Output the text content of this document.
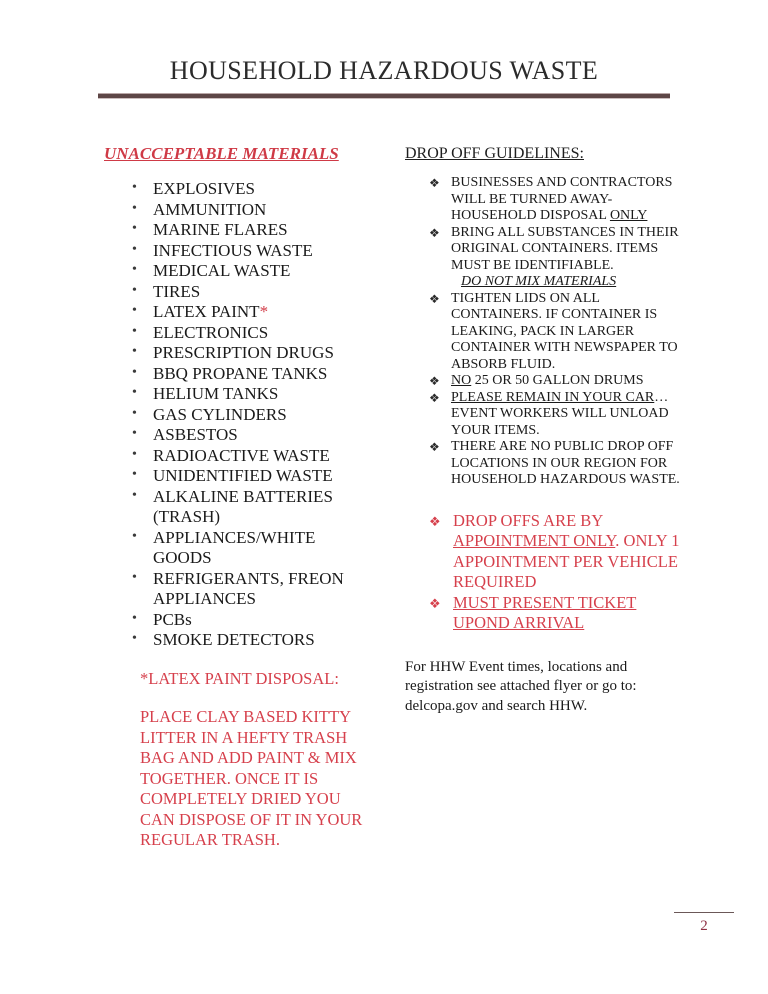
HOUSEHOLD HAZARDOUS WASTE
UNACCEPTABLE MATERIALS
• EXPLOSIVES
• AMMUNITION
• MARINE FLARES
• INFECTIOUS WASTE
• MEDICAL WASTE
• TIRES
• LATEX PAINT*
• ELECTRONICS
• PRESCRIPTION DRUGS
• BBQ PROPANE TANKS
• HELIUM TANKS
• GAS CYLINDERS
• ASBESTOS
• RADIOACTIVE WASTE
• UNIDENTIFIED WASTE
• ALKALINE BATTERIES (TRASH)
• APPLIANCES/WHITE GOODS
• REFRIGERANTS, FREON APPLIANCES
• PCBs
• SMOKE DETECTORS
*LATEX PAINT DISPOSAL:
PLACE CLAY BASED KITTY LITTER IN A HEFTY TRASH BAG AND ADD PAINT & MIX TOGETHER. ONCE IT IS COMPLETELY DRIED YOU CAN DISPOSE OF IT IN YOUR REGULAR TRASH.
DROP OFF GUIDELINES:
❖ BUSINESSES AND CONTRACTORS WILL BE TURNED AWAY-HOUSEHOLD DISPOSAL ONLY
❖ BRING ALL SUBSTANCES IN THEIR ORIGINAL CONTAINERS. ITEMS MUST BE IDENTIFIABLE. DO NOT MIX MATERIALS
❖ TIGHTEN LIDS ON ALL CONTAINERS. IF CONTAINER IS LEAKING, PACK IN LARGER CONTAINER WITH NEWSPAPER TO ABSORB FLUID.
❖ NO 25 OR 50 GALLON DRUMS
❖ PLEASE REMAIN IN YOUR CAR…EVENT WORKERS WILL UNLOAD YOUR ITEMS.
❖ THERE ARE NO PUBLIC DROP OFF LOCATIONS IN OUR REGION FOR HOUSEHOLD HAZARDOUS WASTE.
❖ DROP OFFS ARE BY APPOINTMENT ONLY. ONLY 1 APPOINTMENT PER VEHICLE REQUIRED
❖ MUST PRESENT TICKET UPOND ARRIVAL
For HHW Event times, locations and registration see attached flyer or go to: delcopa.gov and search HHW.
2
